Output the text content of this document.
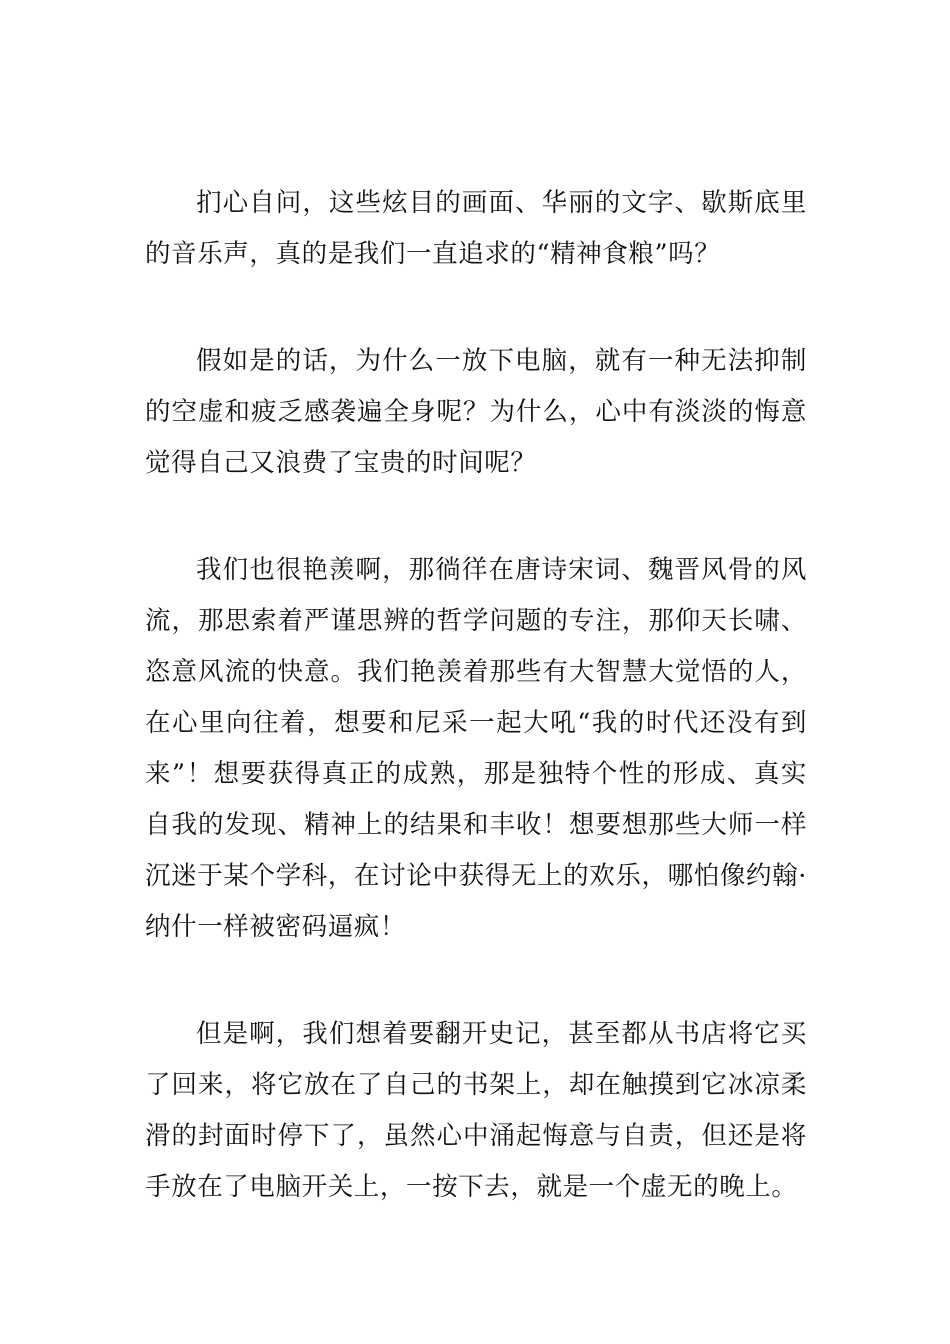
扪心自问，这些炫目的画面、华丽的文字、歇斯底里的音乐声，真的是我们一直追求的“精神食粮”吗？

假如是的话，为什么一放下电脑，就有一种无法抑制的空虚和疲乏感袭遍全身呢？为什么，心中有淡淡的悔意觉得自己又浪费了宝贵的时间呢？

我们也很艳羡啊，那徜徉在唐诗宋词、魏晋风骨的风流，那思索着严谨思辨的哲学问题的专注，那仰天长啸、恣意风流的快意。我们艳羡着那些有大智慧大觉悟的人，在心里向往着，想要和尼采一起大吼“我的时代还没有到来”！想要获得真正的成熟，那是独特个性的形成、真实自我的发现、精神上的结果和丰收！想要想那些大师一样沉迷于某个学科，在讨论中获得无上的欢乐，哪怕像约翰·纳什一样被密码逼疯！

但是啊，我们想着要翻开史记，甚至都从书店将它买了回来，将它放在了自己的书架上，却在触摸到它冰凉柔滑的封面时停下了，虽然心中涌起悔意与自责，但还是将手放在了电脑开关上，一按下去，就是一个虚无的晚上。
